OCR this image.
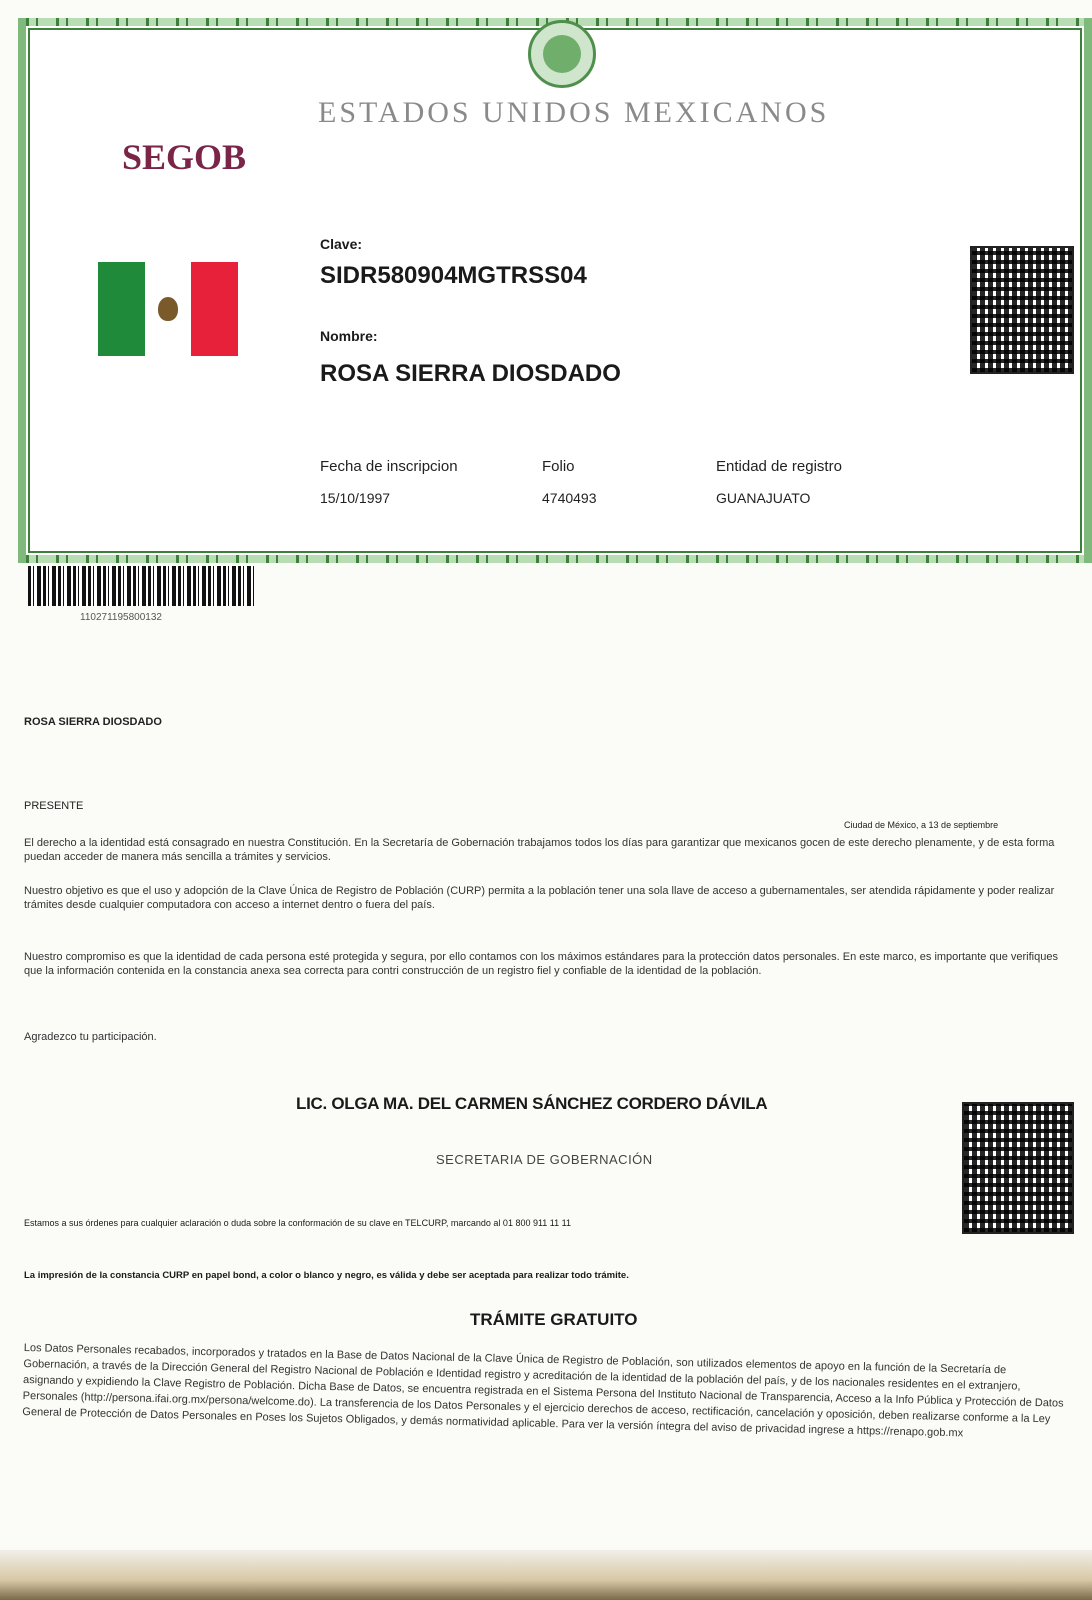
ESTADOS UNIDOS MEXICANOS
SEGOB
Clave:
SIDR580904MGTRSS04
Nombre:
ROSA SIERRA DIOSDADO
Fecha de inscripcion
15/10/1997
Folio
4740493
Entidad de registro
GUANAJUATO
110271195800132
ROSA SIERRA DIOSDADO
PRESENTE
Ciudad de México, a 13 de septiembre
El derecho a la identidad está consagrado en nuestra Constitución. En la Secretaría de Gobernación trabajamos todos los días para garantizar que mexicanos gocen de este derecho plenamente, y de esta forma puedan acceder de manera más sencilla a trámites y servicios.
Nuestro objetivo es que el uso y adopción de la Clave Única de Registro de Población (CURP) permita a la población tener una sola llave de acceso a gubernamentales, ser atendida rápidamente y poder realizar trámites desde cualquier computadora con acceso a internet dentro o fuera del país.
Nuestro compromiso es que la identidad de cada persona esté protegida y segura, por ello contamos con los máximos estándares para la protección datos personales. En este marco, es importante que verifiques que la información contenida en la constancia anexa sea correcta para contri construcción de un registro fiel y confiable de la identidad de la población.
Agradezco tu participación.
LIC. OLGA MA. DEL CARMEN SÁNCHEZ CORDERO DÁVILA
SECRETARIA DE GOBERNACIÓN
Estamos a sus órdenes para cualquier aclaración o duda sobre la conformación de su clave en TELCURP, marcando al 01 800 911 11 11
La impresión de la constancia CURP en papel bond, a color o blanco y negro, es válida y debe ser aceptada para realizar todo trámite.
TRÁMITE GRATUITO
Los Datos Personales recabados, incorporados y tratados en la Base de Datos Nacional de la Clave Única de Registro de Población, son utilizados elementos de apoyo en la función de la Secretaría de Gobernación, a través de la Dirección General del Registro Nacional de Población e Identidad registro y acreditación de la identidad de la población del país, y de los nacionales residentes en el extranjero, asignando y expidiendo la Clave Registro de Población. Dicha Base de Datos, se encuentra registrada en el Sistema Persona del Instituto Nacional de Transparencia, Acceso a la Info Pública y Protección de Datos Personales (http://persona.ifai.org.mx/persona/welcome.do). La transferencia de los Datos Personales y el ejercicio derechos de acceso, rectificación, cancelación y oposición, deben realizarse conforme a la Ley General de Protección de Datos Personales en Poses los Sujetos Obligados, y demás normatividad aplicable. Para ver la versión íntegra del aviso de privacidad ingrese a https://renapo.gob.mx
